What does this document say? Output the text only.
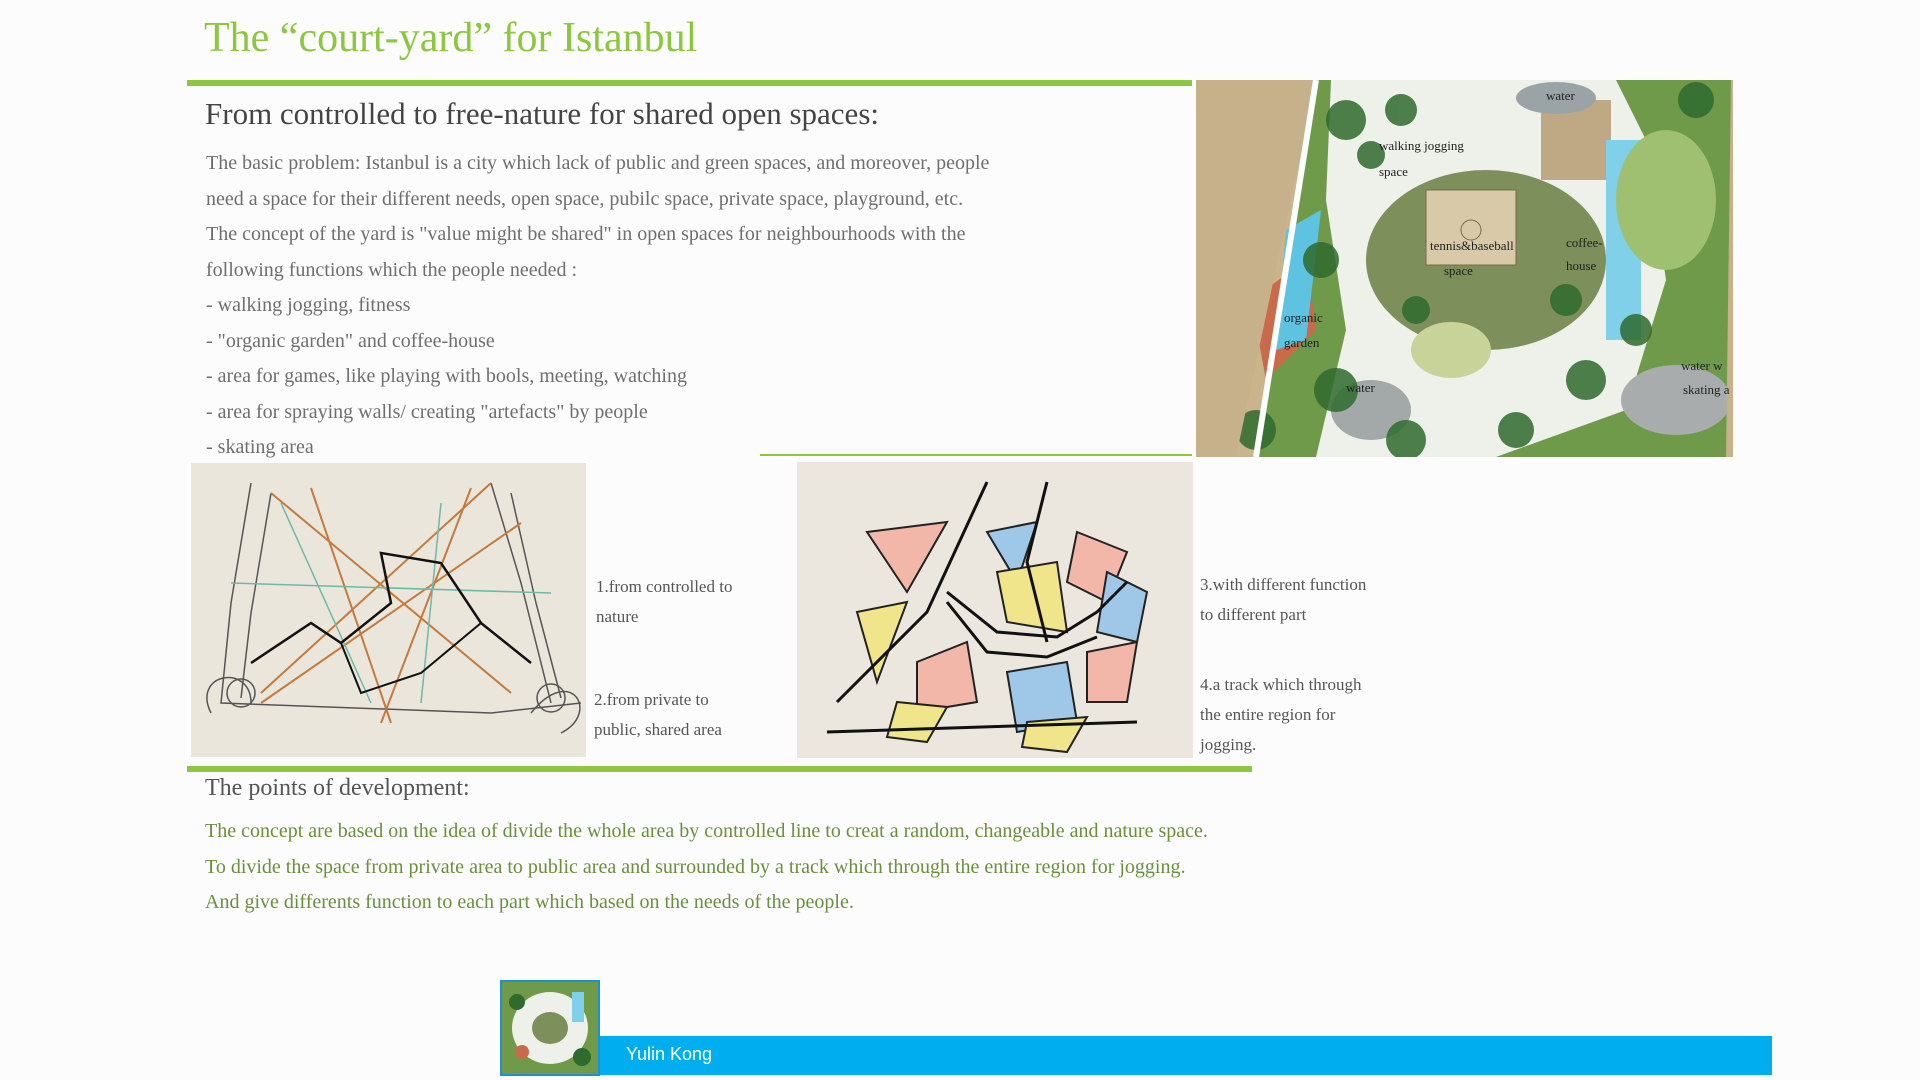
The “court-yard” for Istanbul
From controlled to free-nature for shared open spaces:
The basic problem: Istanbul is a city which lack of public and green spaces, and moreover, people
need a space for their different needs, open space, pubilc space, private space, playground, etc.
The concept of the yard is "value might be shared" in open spaces for neighbourhoods with the
following functions which the people needed :
- walking jogging, fitness
- "organic garden" and coffee-house
- area for games, like playing with bools, meeting, watching
- area for spraying walls/ creating "artefacts" by people
- skating area
water
walking jogging
space
tennis&baseball
space
coffee-
house
organic
garden
water
water w
skating a
1.from controlled to
nature
2.from private to
public, shared area
3.with different function
to different part
4.a track which through
the entire region for
jogging.
The points of development:
The concept are based on the idea of divide the whole area by controlled line to creat a random, changeable and nature space.
To divide the space from private area to public area and surrounded by a track which through the entire region for jogging.
And give differents function to each part which based on the needs of the people.
Yulin Kong
